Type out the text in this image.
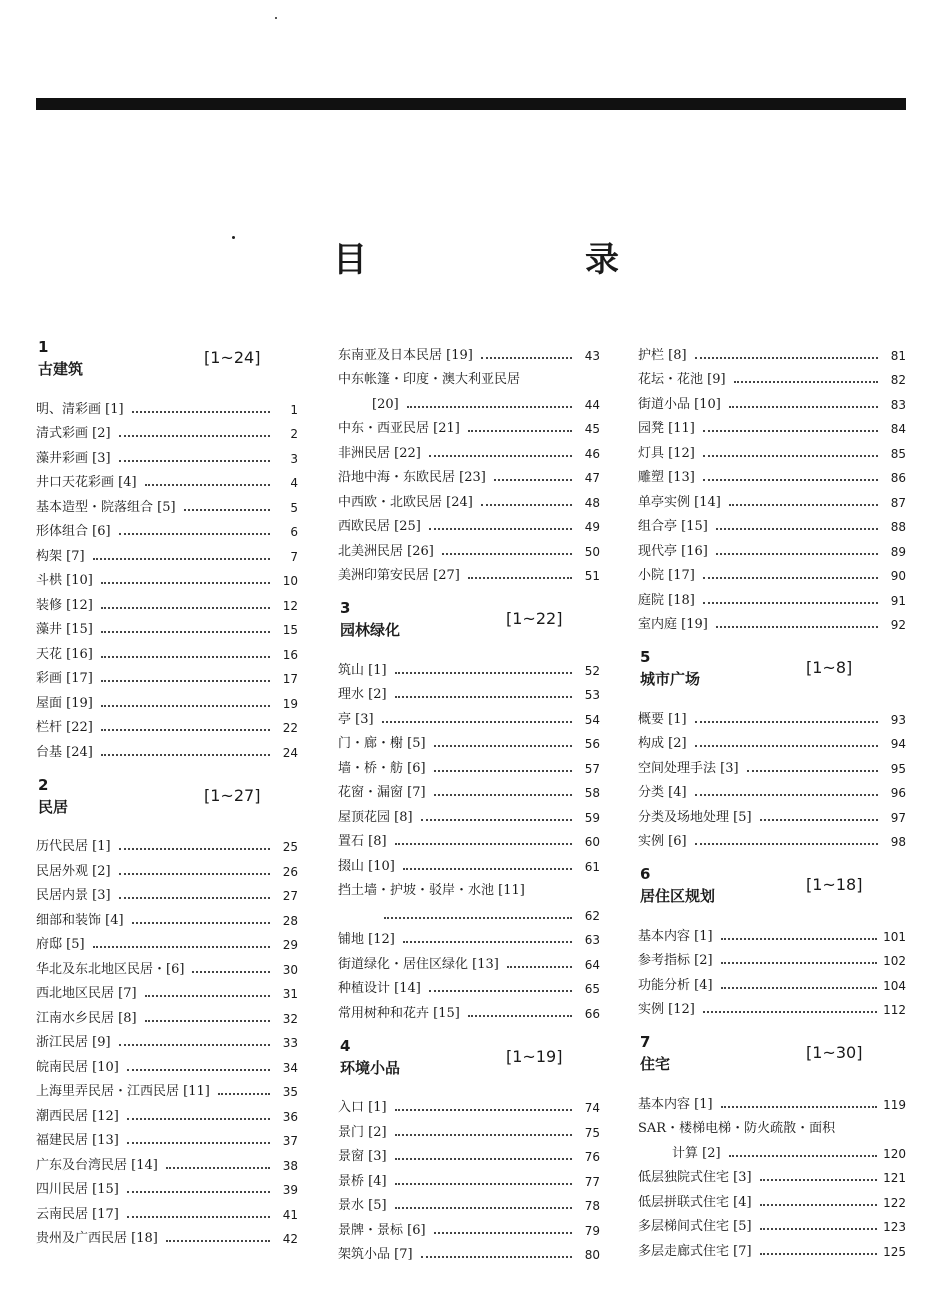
目　　录
1
古建筑
[1~24]
明、清彩画 [1]	1
清式彩画 [2]	2
藻井彩画 [3]	3
井口天花彩画 [4]	4
基本造型・院落组合 [5]	5
形体组合 [6]	6
构架 [7]	7
斗栱 [10]	10
装修 [12]	12
藻井 [15]	15
天花 [16]	16
彩画 [17]	17
屋面 [19]	19
栏杆 [22]	22
台基 [24]	24
2
民居
[1~27]
历代民居 [1]	25
民居外观 [2]	26
民居内景 [3]	27
细部和装饰 [4]	28
府邸 [5]	29
华北及东北地区民居・[6]	30
西北地区民居 [7]	31
江南水乡民居 [8]	32
浙江民居 [9]	33
皖南民居 [10]	34
上海里弄民居・江西民居 [11]	35
潮西民居 [12]	36
福建民居 [13]	37
广东及台湾民居 [14]	38
四川民居 [15]	39
云南民居 [17]	41
贵州及广西民居 [18]	42
东南亚及日本民居 [19]	43
中东帐篷・印度・澳大利亚民居
[20]	44
中东・西亚民居 [21]	45
非洲民居 [22]	46
沿地中海・东欧民居 [23]	47
中西欧・北欧民居 [24]	48
西欧民居 [25]	49
北美洲民居 [26]	50
美洲印第安民居 [27]	51
3
园林绿化
[1~22]
筑山 [1]	52
理水 [2]	53
亭 [3]	54
门・廊・榭 [5]	56
墙・桥・舫 [6]	57
花窗・漏窗 [7]	58
屋顶花园 [8]	59
置石 [8]	60
掇山 [10]	61
挡土墙・护坡・驳岸・水池 [11]
62
铺地 [12]	63
街道绿化・居住区绿化 [13]	64
种植设计 [14]	65
常用树种和花卉 [15]	66
4
环境小品
[1~19]
入口 [1]	74
景门 [2]	75
景窗 [3]	76
景桥 [4]	77
景水 [5]	78
景牌・景标 [6]	79
架筑小品 [7]	80
护栏 [8]	81
花坛・花池 [9]	82
街道小品 [10]	83
园凳 [11]	84
灯具 [12]	85
雕塑 [13]	86
单亭实例 [14]	87
组合亭 [15]	88
现代亭 [16]	89
小院 [17]	90
庭院 [18]	91
室内庭 [19]	92
5
城市广场
[1~8]
概要 [1]	93
构成 [2]	94
空间处理手法 [3]	95
分类 [4]	96
分类及场地处理 [5]	97
实例 [6]	98
6
居住区规划
[1~18]
基本内容 [1]	101
参考指标 [2]	102
功能分析 [4]	104
实例 [12]	112
7
住宅
[1~30]
基本内容 [1]	119
SAR・楼梯电梯・防火疏散・面积
计算 [2]	120
低层独院式住宅 [3]	121
低层拼联式住宅 [4]	122
多层梯间式住宅 [5]	123
多层走廊式住宅 [7]	125
